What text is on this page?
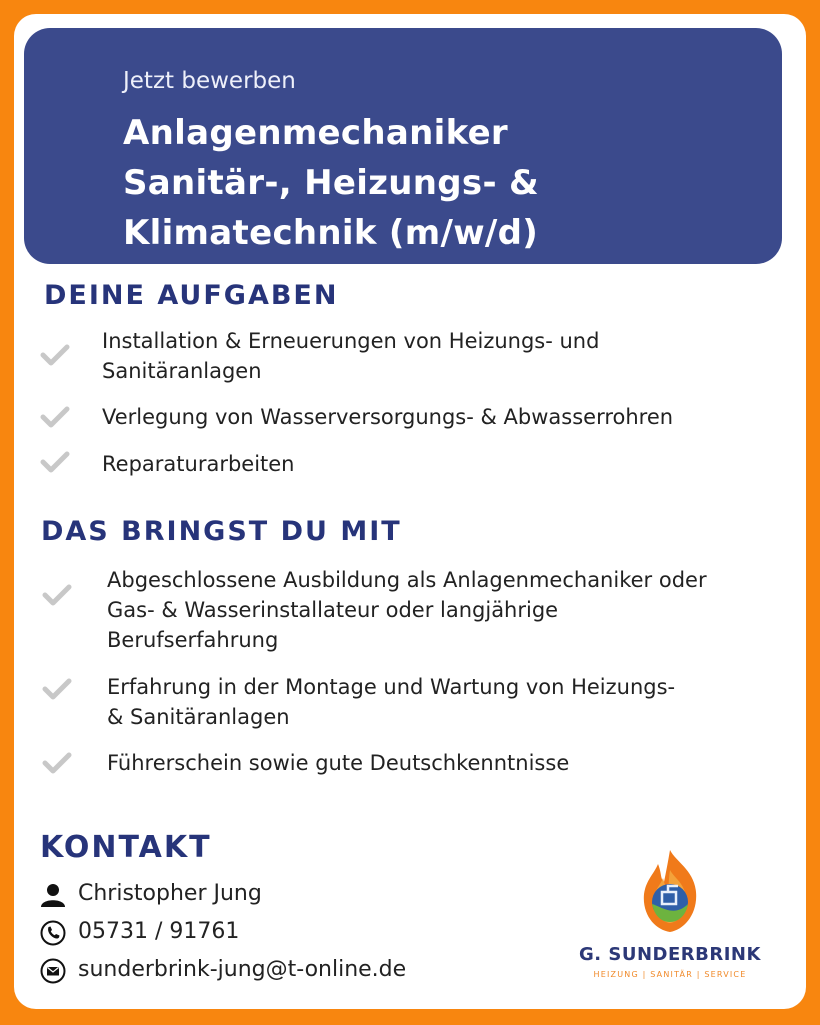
Jetzt bewerben
Anlagenmechaniker
Sanitär-, Heizungs- &
Klimatechnik (m/w/d)
DEINE AUFGABEN
Installation & Erneuerungen von Heizungs- und
Sanitäranlagen
Verlegung von Wasserversorgungs- & Abwasserrohren
Reparaturarbeiten
DAS BRINGST DU MIT
Abgeschlossene Ausbildung als Anlagenmechaniker oder
Gas- & Wasserinstallateur oder langjährige
Berufserfahrung
Erfahrung in der Montage und Wartung von Heizungs-
& Sanitäranlagen
Führerschein sowie gute Deutschkenntnisse
KONTAKT
Christopher Jung
05731 / 91761
sunderbrink-jung@t-online.de
G. SUNDERBRINK
HEIZUNG | SANITÄR | SERVICE
